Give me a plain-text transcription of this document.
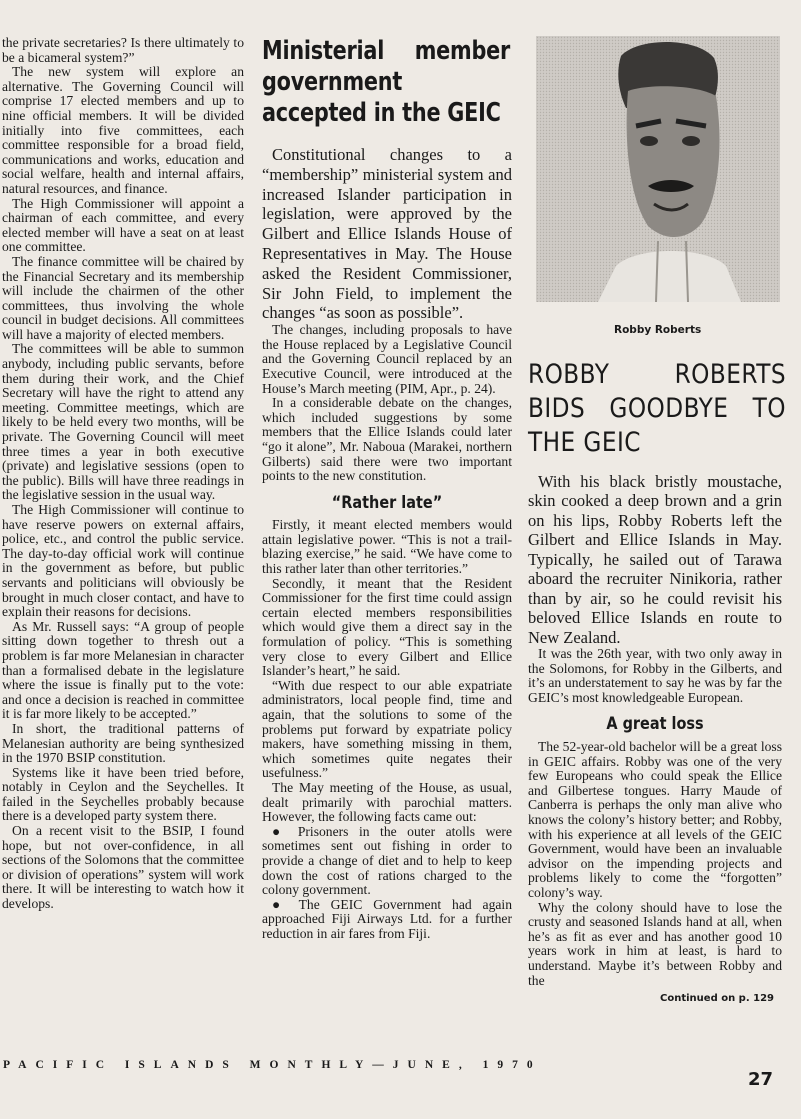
the private secretaries? Is there ultimately to be a bicameral system?”

The new system will explore an alternative. The Governing Council will comprise 17 elected members and up to nine official members. It will be divided initially into five committees, each committee responsible for a broad field, communications and works, education and social welfare, health and internal affairs, natural resources, and finance.

The High Commissioner will appoint a chairman of each committee, and every elected member will have a seat on at least one committee.

The finance committee will be chaired by the Financial Secretary and its membership will include the chairmen of the other committees, thus involving the whole council in budget decisions. All committees will have a majority of elected members.

The committees will be able to summon anybody, including public servants, before them during their work, and the Chief Secretary will have the right to attend any meeting. Committee meetings, which are likely to be held every two months, will be private. The Governing Council will meet three times a year in both executive (private) and legislative sessions (open to the public). Bills will have three readings in the legislative session in the usual way.

The High Commissioner will continue to have reserve powers on external affairs, police, etc., and control the public service. The day-to-day official work will continue in the government as before, but public servants and politicians will obviously be brought in much closer contact, and have to explain their reasons for decisions.

As Mr. Russell says: “A group of people sitting down together to thresh out a problem is far more Melanesian in character than a formalised debate in the legislature where the issue is finally put to the vote: and once a decision is reached in committee it is far more likely to be accepted.”

In short, the traditional patterns of Melanesian authority are being synthesized in the 1970 BSIP constitution.

Systems like it have been tried before, notably in Ceylon and the Seychelles. It failed in the Seychelles probably because there is a developed party system there.

On a recent visit to the BSIP, I found hope, but not over-confidence, in all sections of the Solomons that the committee or division of operations” system will work there. It will be interesting to watch how it develops.

Ministerial member government accepted in the GEIC

Constitutional changes to a “membership” ministerial system and increased Islander participation in legislation, were approved by the Gilbert and Ellice Islands House of Representatives in May. The House asked the Resident Commissioner, Sir John Field, to implement the changes “as soon as possible”.

The changes, including proposals to have the House replaced by a Legislative Council and the Governing Council replaced by an Executive Council, were introduced at the House’s March meeting (PIM, Apr., p. 24).

In a considerable debate on the changes, which included suggestions by some members that the Ellice Islands could later “go it alone”, Mr. Naboua (Marakei, northern Gilberts) said there were two important points to the new constitution.

“Rather late”

Firstly, it meant elected members would attain legislative power. “This is not a trail-blazing exercise,” he said. “We have come to this rather later than other territories.”

Secondly, it meant that the Resident Commissioner for the first time could assign certain elected members responsibilities which would give them a direct say in the formulation of policy. “This is something very close to every Gilbert and Ellice Islander’s heart,” he said.

“With due respect to our able expatriate administrators, local people find, time and again, that the solutions to some of the problems put forward by expatriate policy makers, have something missing in them, which sometimes quite negates their usefulness.”

The May meeting of the House, as usual, dealt primarily with parochial matters. However, the following facts came out:

● Prisoners in the outer atolls were sometimes sent out fishing in order to provide a change of diet and to help to keep down the cost of rations charged to the colony government.

● The GEIC Government had again approached Fiji Airways Ltd. for a further reduction in air fares from Fiji.

Robby Roberts
ROBBY ROBERTS BIDS GOODBYE TO THE GEIC

With his black bristly moustache, skin cooked a deep brown and a grin on his lips, Robby Roberts left the Gilbert and Ellice Islands in May. Typically, he sailed out of Tarawa aboard the recruiter Ninikoria, rather than by air, so he could revisit his beloved Ellice Islands en route to New Zealand.

It was the 26th year, with two only away in the Solomons, for Robby in the Gilberts, and it’s an understatement to say he was by far the GEIC’s most knowledgeable European.

A great loss

The 52-year-old bachelor will be a great loss in GEIC affairs. Robby was one of the very few Europeans who could speak the Ellice and Gilbertese tongues. Harry Maude of Canberra is perhaps the only man alive who knows the colony’s history better; and Robby, with his experience at all levels of the GEIC Government, would have been an invaluable advisor on the impending projects and problems likely to come the “forgotten” colony’s way.

Why the colony should have to lose the crusty and seasoned Islands hand at all, when he’s as fit as ever and has another good 10 years work in him at least, is hard to understand. Maybe it’s between Robby and the

Continued on p. 129
PACIFIC ISLANDS MONTHLY—JUNE, 1970
27
